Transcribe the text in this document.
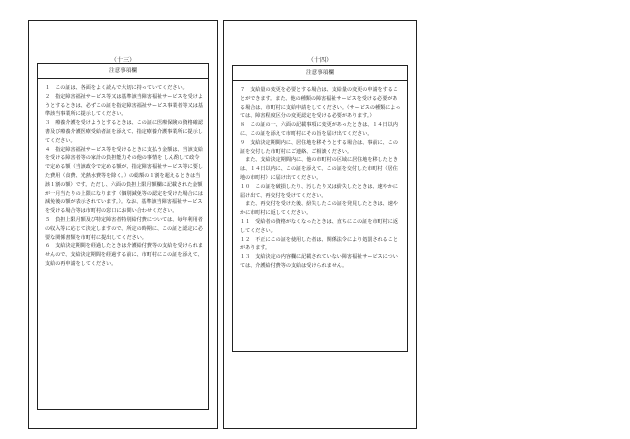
（十三）
注意事項欄

１　この証は、各面をよく読んで大切に持っていてください。

２　指定障害福祉サービス等又は基準該当障害福祉サービスを受けようとするときは、必ずこの証を指定障害福祉サービス事業者等又は基準該当事業所に提示してください。

３　療養介護を受けようとするときは、この証に医療保険の資格確認書及び療養介護医療受給者証を添えて、指定療養介護事業所に提示してください。

４　指定障害福祉サービス等を受けるときに支払う金額は、当該支給を受ける障害者等の家計の負担能力その他の事情を しん酌して政令で定める額（当該政令で定める額が、指定障害福祉サービス等に要した費用（食費、光熱水費等を除く。）の総額の１割を超えるときは当該１割の額）です。ただし、六面の負担上限月額欄に記載された金額が一月当たりの上限になります（個別減免等の認定を受けた場合には減免後の額が表示されています。）。なお、基準該当障害福祉サービスを受ける場合等は市町村の窓口にお問い合わせください。

５　負担上限月額及び特定障害者特別給付費については、毎年利用者の収入等に応じて決定しますので、所定の時期に、この証と認定に必要な関係書類を市町村に提出してください。

６　支給決定期間を経過したときは介護給付費等の支給を受けられませんので、支給決定期間を経過する前に、市町村にこの証を添えて、支給の再申請をしてください。

（十四）
注意事項欄

７　支給量の変更を必要とする場合は、支給量の変更の申請をすることができます。また、他の種類の障害福祉サービスを受ける必要がある場合は、市町村に支給申請をしてください。（サービスの種類によっては、障害程度区分の変更認定を受ける必要があります。）

８　この証の一、六面の記載事項に変更があったときは、１４日以内に、この証を添えて市町村にその旨を届け出てください。

９　支給決定期間内に、居住地を移そうとする場合は、事前に、この証を交付した市町村にご連絡、ご相談ください。

　また、支給決定期間内に、他の市町村の区域に居住地を移したときは、１４日以内に、この証を添えて、この証を交付した市町村（居住地の市町村）に届け出てください。

１０　この証を破損したり、汚したり又は紛失したときは、速やかに届け出て、再交付を受けてください。

　また、再交付を受けた後、紛失したこの証を発見したときは、速やかに市町村に返してください。

１１　受給者の資格がなくなったときは、直ちにこの証を市町村に返してください。

１２　不正にこの証を使用した者は、関係法令により処罰されることがあります。

１３　支給決定の内容欄に記載されていない障害福祉サービスについては、介護給付費等の支給は受けられません。
